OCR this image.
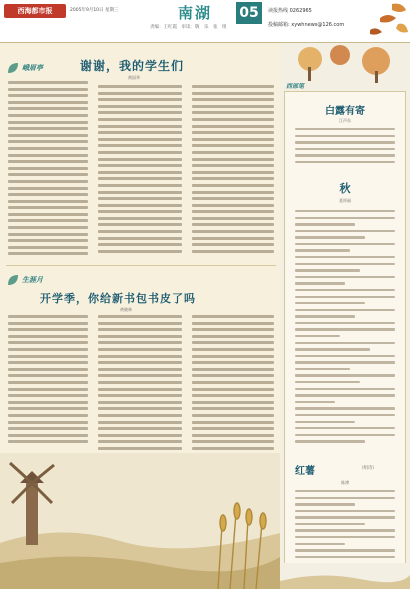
西海都市报	2005年9月10日 星期三	南湖
责编：王红霞　审读：敬　乐　张　组
05	读报热线 0262965
投稿邮箱: xywhnews@126.com
峨眉亭	谢谢，我的学生们
黄国华
生涯月
开学季，你给新书包书皮了吗
黄晓林
西部笔
白露有寄
江声东
秋
聂厚福
红薯	（组诗）
陈溥
